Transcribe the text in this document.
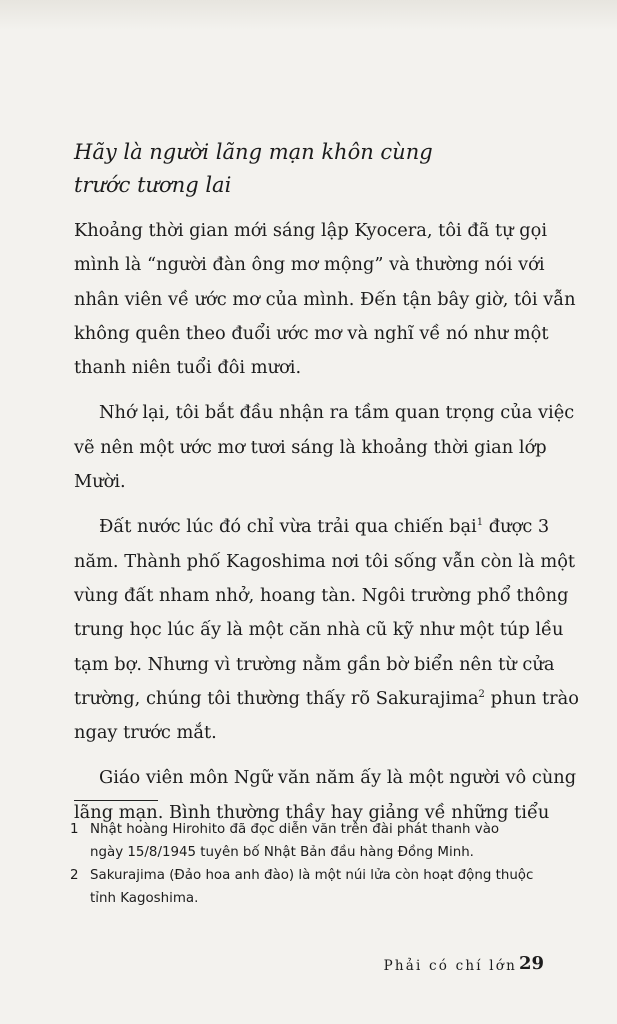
Hãy là người lãng mạn khôn cùng
trước tương lai

Khoảng thời gian mới sáng lập Kyocera, tôi đã tự gọi
mình là “người đàn ông mơ mộng” và thường nói với
nhân viên về ước mơ của mình. Đến tận bây giờ, tôi vẫn
không quên theo đuổi ước mơ và nghĩ về nó như một
thanh niên tuổi đôi mươi.

Nhớ lại, tôi bắt đầu nhận ra tầm quan trọng của việc
vẽ nên một ước mơ tươi sáng là khoảng thời gian lớp
Mười.

Đất nước lúc đó chỉ vừa trải qua chiến bại$^1$ được 3
năm. Thành phố Kagoshima nơi tôi sống vẫn còn là một
vùng đất nham nhở, hoang tàn. Ngôi trường phổ thông
trung học lúc ấy là một căn nhà cũ kỹ như một túp lều
tạm bợ. Nhưng vì trường nằm gần bờ biển nên từ cửa
trường, chúng tôi thường thấy rõ Sakurajima$^2$ phun trào
ngay trước mắt.

Giáo viên môn Ngữ văn năm ấy là một người vô cùng
lãng mạn. Bình thường thầy hay giảng về những tiểu

1 Nhật hoàng Hirohito đã đọc diễn văn trên đài phát thanh vào
ngày 15/8/1945 tuyên bố Nhật Bản đầu hàng Đồng Minh.

2 Sakurajima (Đảo hoa anh đào) là một núi lửa còn hoạt động thuộc
tỉnh Kagoshima.

Phải có chí lớn 29
